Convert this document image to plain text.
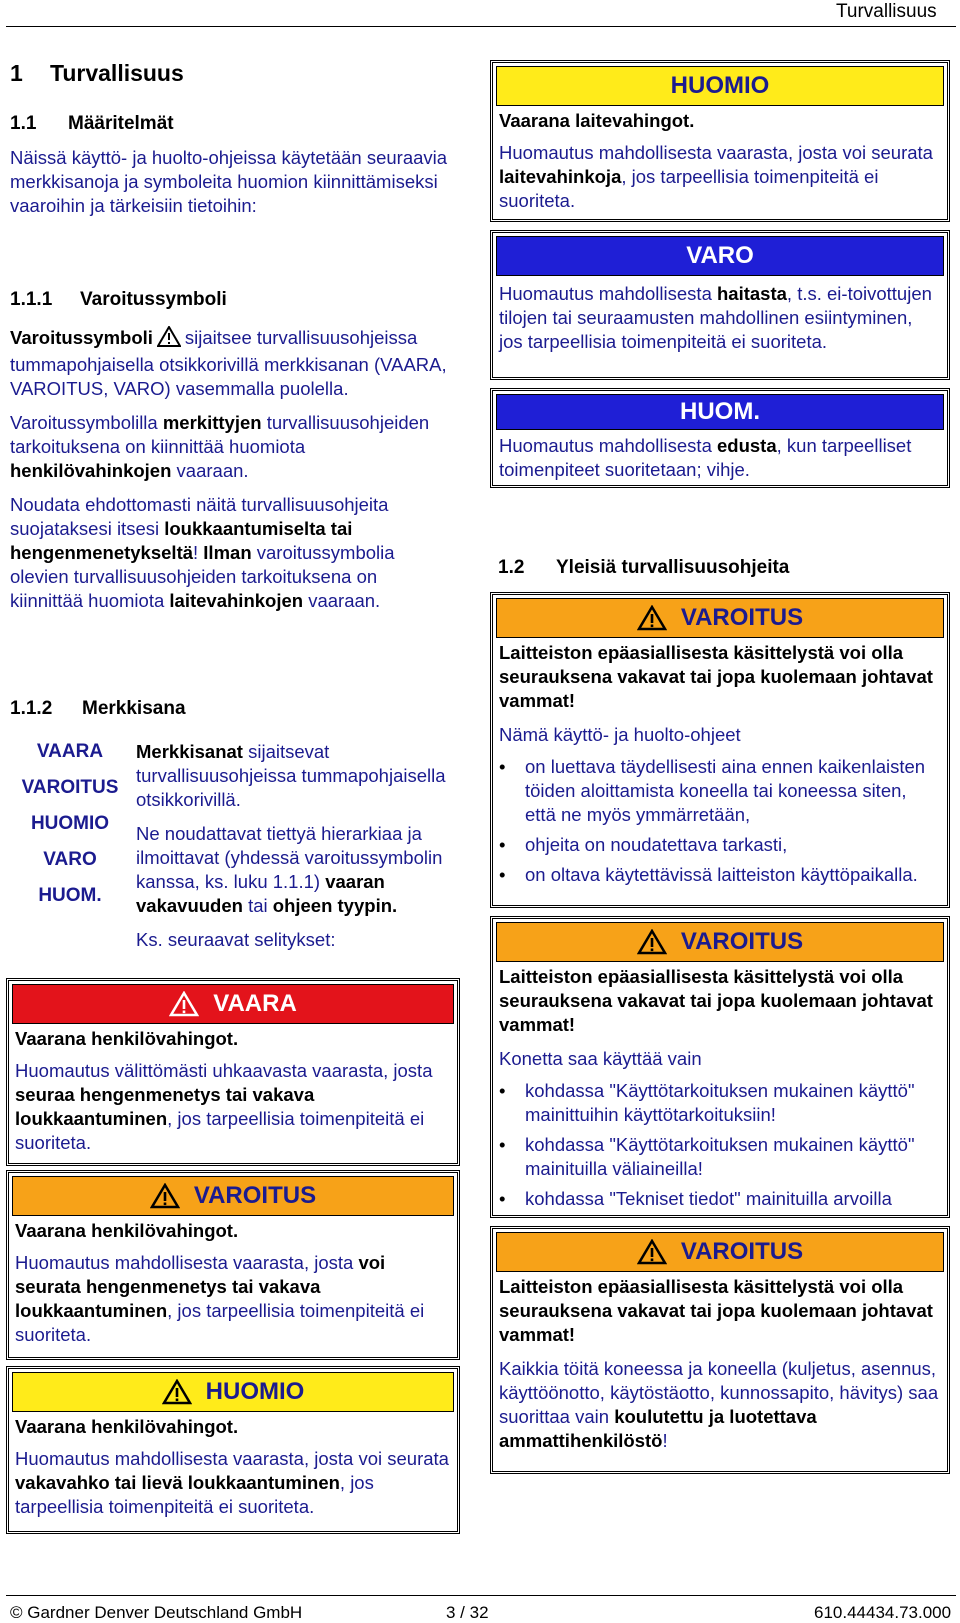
Turvallisuus
© Gardner Denver Deutschland GmbH	3 / 32	610.44434.73.000
1 Turvallisuus
1.1 Määritelmät

Näissä käyttö- ja huolto-ohjeissa käytetään seuraavia merkkisanoja ja symboleita huomion kiinnittämiseksi vaaroihin ja tärkeisiin tietoihin:

1.1.1 Varoitussymboli

Varoitussymboli sijaitsee turvallisuusohjeissa tummapohjaisella otsikkorivillä merkkisanan (VAARA, VAROITUS, VARO) vasemmalla puolella.

Varoitussymbolilla merkittyjen turvallisuusohjeiden tarkoituksena on kiinnittää huomiota henkilövahinkojen vaaraan.

Noudata ehdottomasti näitä turvallisuusohjeita suojataksesi itsesi loukkaantumiselta tai hengenmenetykseltä! Ilman varoitussymbolia olevien turvallisuusohjeiden tarkoituksena on kiinnittää huomiota laitevahinkojen vaaraan.

1.1.2 Merkkisana
VAARA
VAROITUS
HUOMIO
VARO
HUOM.

Merkkisanat sijaitsevat turvallisuusohjeissa tummapohjaisella otsikkorivillä.

Ne noudattavat tiettyä hierarkiaa ja ilmoittavat (yhdessä varoitussymbolin kanssa, ks. luku 1.1.1) vaaran vakavuuden tai ohjeen tyypin.

Ks. seuraavat selitykset:

VAARA
Vaarana henkilövahingot.
Huomautus välittömästi uhkaavasta vaarasta, josta seuraa hengenmenetys tai vakava loukkaantuminen, jos tarpeellisia toimenpiteitä ei suoriteta.
VAROITUS
Vaarana henkilövahingot.
Huomautus mahdollisesta vaarasta, josta voi seurata hengenmenetys tai vakava loukkaantuminen, jos tarpeellisia toimenpiteitä ei suoriteta.
HUOMIO
Vaarana henkilövahingot.
Huomautus mahdollisesta vaarasta, josta voi seurata vakavahko tai lievä loukkaantuminen, jos tarpeellisia toimenpiteitä ei suoriteta.
HUOMIO
Vaarana laitevahingot.
Huomautus mahdollisesta vaarasta, josta voi seurata laitevahinkoja, jos tarpeellisia toimenpiteitä ei suoriteta.
VARO
Huomautus mahdollisesta haitasta, t.s. ei-toivottujen tilojen tai seuraamusten mahdollinen esiintyminen, jos tarpeellisia toimenpiteitä ei suoriteta.
HUOM.
Huomautus mahdollisesta edusta, kun tarpeelliset toimenpiteet suoritetaan; vihje.
1.2 Yleisiä turvallisuusohjeita
VAROITUS
Laitteiston epäasiallisesta käsittelystä voi olla seurauksena vakavat tai jopa kuolemaan johtavat vammat!
Nämä käyttö- ja huolto-ohjeet
• on luettava täydellisesti aina ennen kaikenlaisten töiden aloittamista koneella tai koneessa siten, että ne myös ymmärretään,
• ohjeita on noudatettava tarkasti,
• on oltava käytettävissä laitteiston käyttöpaikalla.
VAROITUS
Laitteiston epäasiallisesta käsittelystä voi olla seurauksena vakavat tai jopa kuolemaan johtavat vammat!
Konetta saa käyttää vain
• kohdassa "Käyttötarkoituksen mukainen käyttö" mainittuihin käyttötarkoituksiin!
• kohdassa "Käyttötarkoituksen mukainen käyttö" mainituilla väliaineilla!
• kohdassa "Tekniset tiedot" mainituilla arvoilla
VAROITUS
Laitteiston epäasiallisesta käsittelystä voi olla seurauksena vakavat tai jopa kuolemaan johtavat vammat!
Kaikkia töitä koneessa ja koneella (kuljetus, asennus, käyttöönotto, käytöstäotto, kunnossapito, hävitys) saa suorittaa vain koulutettu ja luotettava ammattihenkilöstö!
